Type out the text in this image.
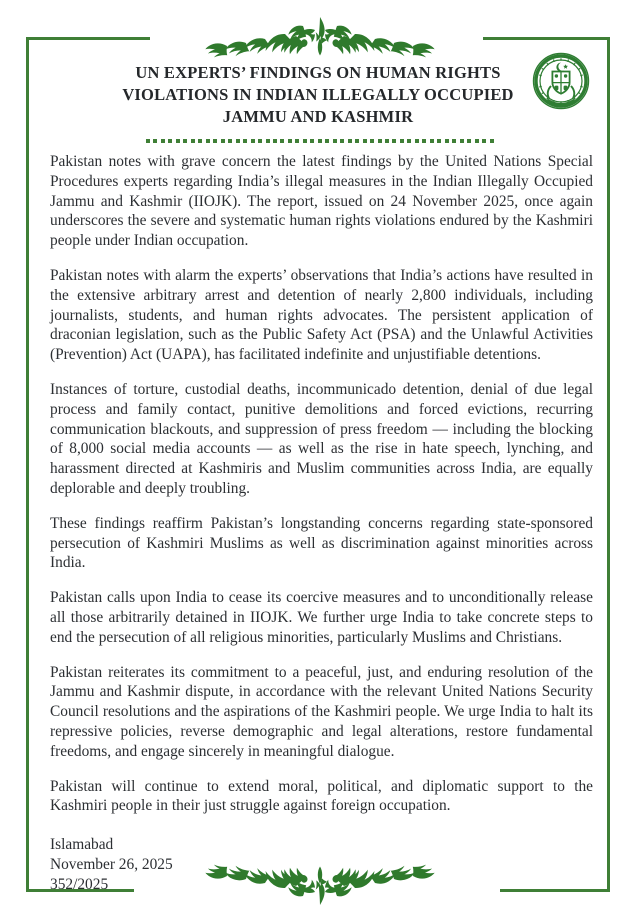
UN EXPERTS’ FINDINGS ON HUMAN RIGHTS VIOLATIONS IN INDIAN ILLEGALLY OCCUPIED JAMMU AND KASHMIR

Pakistan notes with grave concern the latest findings by the United Nations Special Procedures experts regarding India’s illegal measures in the Indian Illegally Occupied Jammu and Kashmir (IIOJK). The report, issued on 24 November 2025, once again underscores the severe and systematic human rights violations endured by the Kashmiri people under Indian occupation.

Pakistan notes with alarm the experts’ observations that India’s actions have resulted in the extensive arbitrary arrest and detention of nearly 2,800 individuals, including journalists, students, and human rights advocates. The persistent application of draconian legislation, such as the Public Safety Act (PSA) and the Unlawful Activities (Prevention) Act (UAPA), has facilitated indefinite and unjustifiable detentions.

Instances of torture, custodial deaths, incommunicado detention, denial of due legal process and family contact, punitive demolitions and forced evictions, recurring communication blackouts, and suppression of press freedom — including the blocking of 8,000 social media accounts — as well as the rise in hate speech, lynching, and harassment directed at Kashmiris and Muslim communities across India, are equally deplorable and deeply troubling.

These findings reaffirm Pakistan’s longstanding concerns regarding state-sponsored persecution of Kashmiri Muslims as well as discrimination against minorities across India.

Pakistan calls upon India to cease its coercive measures and to unconditionally release all those arbitrarily detained in IIOJK. We further urge India to take concrete steps to end the persecution of all religious minorities, particularly Muslims and Christians.

Pakistan reiterates its commitment to a peaceful, just, and enduring resolution of the Jammu and Kashmir dispute, in accordance with the relevant United Nations Security Council resolutions and the aspirations of the Kashmiri people. We urge India to halt its repressive policies, reverse demographic and legal alterations, restore fundamental freedoms, and engage sincerely in meaningful dialogue.

Pakistan will continue to extend moral, political, and diplomatic support to the Kashmiri people in their just struggle against foreign occupation.

Islamabad
November 26, 2025
352/2025
